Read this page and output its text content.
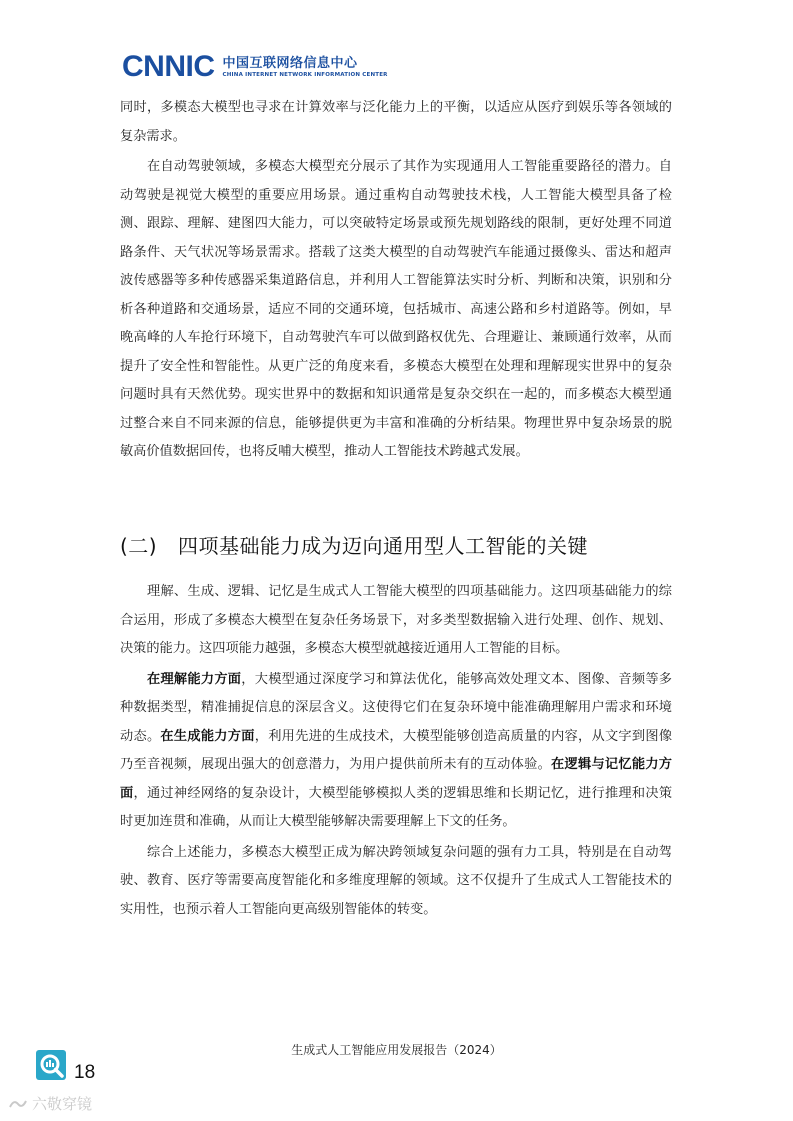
CNNIC 中国互联网络信息中心
CHINA INTERNET NETWORK INFORMATION CENTER

同时，多模态大模型也寻求在计算效率与泛化能力上的平衡，以适应从医疗到娱乐等各领域的复杂需求。

在自动驾驶领域，多模态大模型充分展示了其作为实现通用人工智能重要路径的潜力。自动驾驶是视觉大模型的重要应用场景。通过重构自动驾驶技术栈，人工智能大模型具备了检测、跟踪、理解、建图四大能力，可以突破特定场景或预先规划路线的限制，更好处理不同道路条件、天气状况等场景需求。搭载了这类大模型的自动驾驶汽车能通过摄像头、雷达和超声波传感器等多种传感器采集道路信息，并利用人工智能算法实时分析、判断和决策，识别和分析各种道路和交通场景，适应不同的交通环境，包括城市、高速公路和乡村道路等。例如，早晚高峰的人车抢行环境下，自动驾驶汽车可以做到路权优先、合理避让、兼顾通行效率，从而提升了安全性和智能性。从更广泛的角度来看，多模态大模型在处理和理解现实世界中的复杂问题时具有天然优势。现实世界中的数据和知识通常是复杂交织在一起的，而多模态大模型通过整合来自不同来源的信息，能够提供更为丰富和准确的分析结果。物理世界中复杂场景的脱敏高价值数据回传，也将反哺大模型，推动人工智能技术跨越式发展。

(二) 四项基础能力成为迈向通用型人工智能的关键

理解、生成、逻辑、记忆是生成式人工智能大模型的四项基础能力。这四项基础能力的综合运用，形成了多模态大模型在复杂任务场景下，对多类型数据输入进行处理、创作、规划、决策的能力。这四项能力越强，多模态大模型就越接近通用人工智能的目标。

在理解能力方面，大模型通过深度学习和算法优化，能够高效处理文本、图像、音频等多种数据类型，精准捕捉信息的深层含义。这使得它们在复杂环境中能准确理解用户需求和环境动态。在生成能力方面，利用先进的生成技术，大模型能够创造高质量的内容，从文字到图像乃至音视频，展现出强大的创意潜力，为用户提供前所未有的互动体验。在逻辑与记忆能力方面，通过神经网络的复杂设计，大模型能够模拟人类的逻辑思维和长期记忆，进行推理和决策时更加连贯和准确，从而让大模型能够解决需要理解上下文的任务。

综合上述能力，多模态大模型正成为解决跨领域复杂问题的强有力工具，特别是在自动驾驶、教育、医疗等需要高度智能化和多维度理解的领域。这不仅提升了生成式人工智能技术的实用性，也预示着人工智能向更高级别智能体的转变。

生成式人工智能应用发展报告（2024）
18
六敬穿镜
